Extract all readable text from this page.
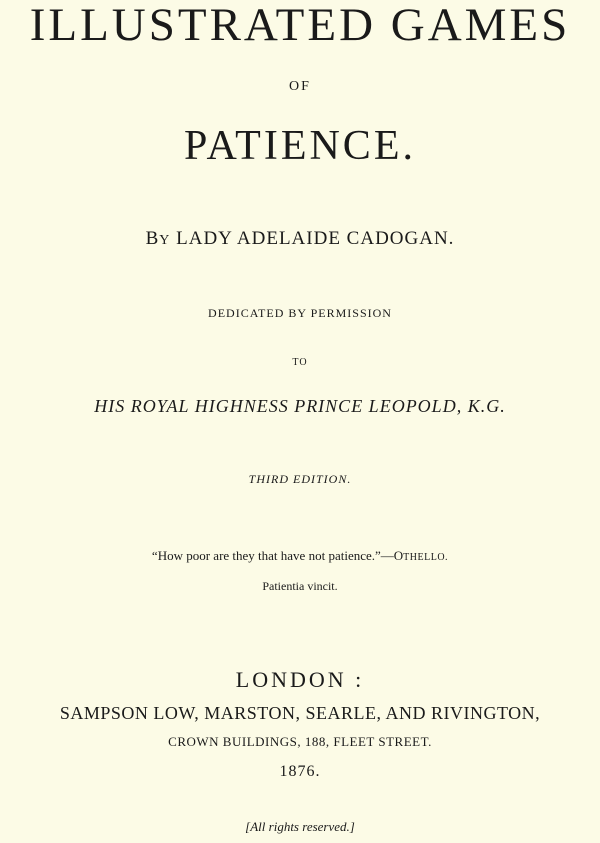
ILLUSTRATED GAMES
OF
PATIENCE.
BY LADY ADELAIDE CADOGAN.
DEDICATED BY PERMISSION
TO
HIS ROYAL HIGHNESS PRINCE LEOPOLD, K.G.
THIRD EDITION.
“How poor are they that have not patience.”—OTHELLO.
Patientia vincit.
LONDON :
SAMPSON LOW, MARSTON, SEARLE, AND RIVINGTON,
CROWN BUILDINGS, 188, FLEET STREET.
1876.
[All rights reserved.]
